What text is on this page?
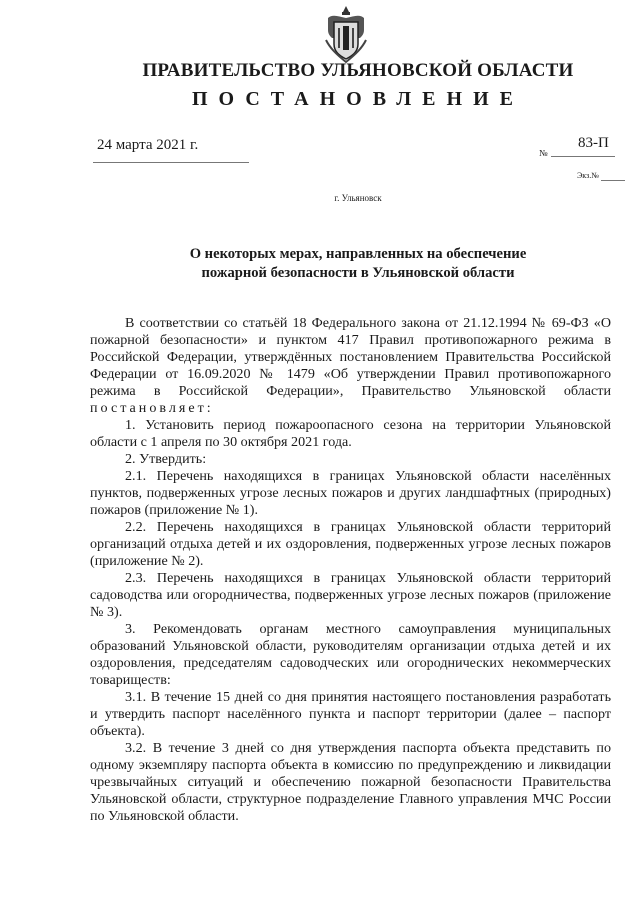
ПРАВИТЕЛЬСТВО УЛЬЯНОВСКОЙ ОБЛАСТИ
ПОСТАНОВЛЕНИЕ
24 марта 2021 г.	№
83-П
Экз.№
г. Ульяновск
О некоторых мерах, направленных на обеспечение
пожарной безопасности в Ульяновской области

В соответствии со статьёй 18 Федерального закона от 21.12.1994 № 69-ФЗ «О пожарной безопасности» и пунктом 417 Правил противопожарного режима в Российской Федерации, утверждённых постановлением Правительства Российской Федерации от 16.09.2020 № 1479 «Об утверждении Правил противопожарного режима в Российской Федерации», Правительство Ульяновской области постановляет:

1. Установить период пожароопасного сезона на территории Ульяновской области с 1 апреля по 30 октября 2021 года.

2. Утвердить:

2.1. Перечень находящихся в границах Ульяновской области населённых пунктов, подверженных угрозе лесных пожаров и других ландшафтных (природных) пожаров (приложение № 1).

2.2. Перечень находящихся в границах Ульяновской области территорий организаций отдыха детей и их оздоровления, подверженных угрозе лесных пожаров (приложение № 2).

2.3. Перечень находящихся в границах Ульяновской области территорий садоводства или огородничества, подверженных угрозе лесных пожаров (приложение № 3).

3. Рекомендовать органам местного самоуправления муниципальных образований Ульяновской области, руководителям организации отдыха детей и их оздоровления, председателям садоводческих или огороднических некоммерческих товариществ:

3.1. В течение 15 дней со дня принятия настоящего постановления разработать и утвердить паспорт населённого пункта и паспорт территории (далее – паспорт объекта).

3.2. В течение 3 дней со дня утверждения паспорта объекта представить по одному экземпляру паспорта объекта в комиссию по предупреждению и ликвидации чрезвычайных ситуаций и обеспечению пожарной безопасности Правительства Ульяновской области, структурное подразделение Главного управления МЧС России по Ульяновской области.
